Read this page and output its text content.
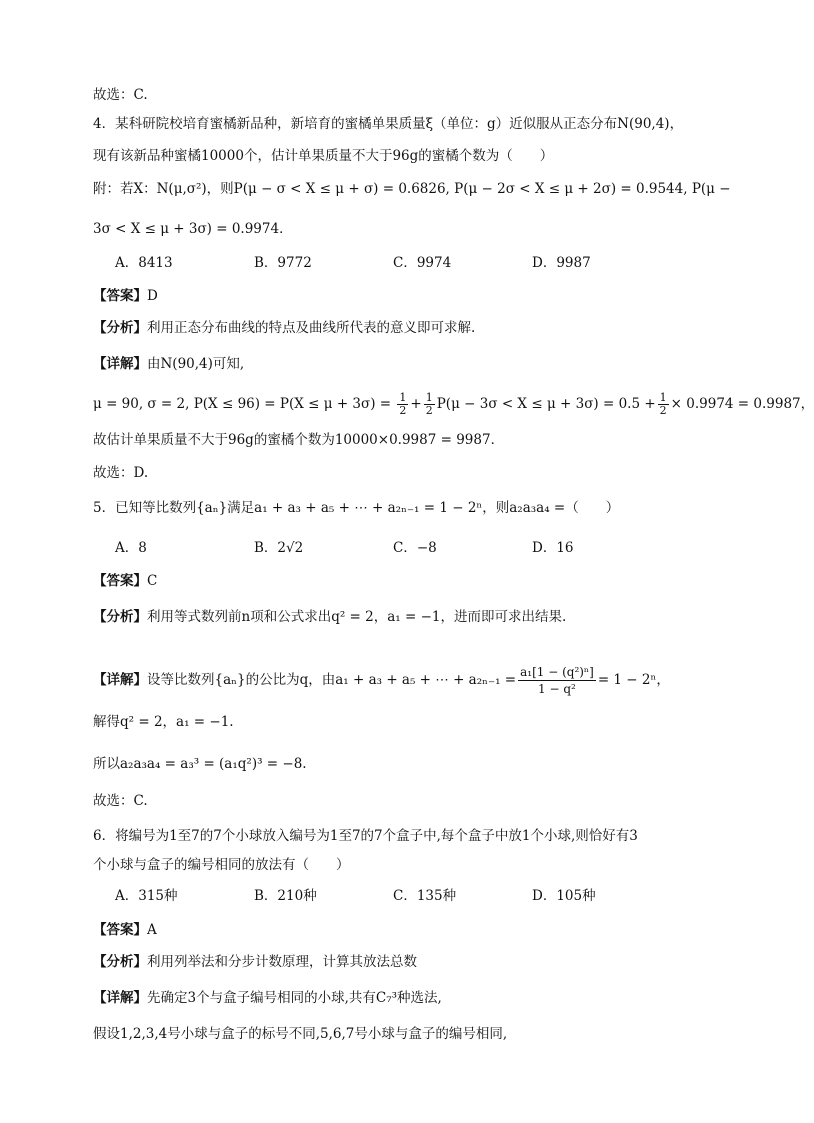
故选：C.
4．某科研院校培育蜜橘新品种，新培育的蜜橘单果质量ξ（单位：g）近似服从正态分布N(90,4)，
现有该新品种蜜橘10000个，估计单果质量不大于96g的蜜橘个数为（　　）
附：若X：N(μ,σ²)，则P(μ − σ < X ≤ μ + σ) = 0.6826, P(μ − 2σ < X ≤ μ + 2σ) = 0.9544, P(μ −
3σ < X ≤ μ + 3σ) = 0.9974．
A．8413	B．9772	C．9974	D．9987
【答案】D
【分析】利用正态分布曲线的特点及曲线所代表的意义即可求解.
【详解】由N(90,4)可知,
μ = 90, σ = 2, $P(X \le 96) = P(X \le \mu + 3\sigma) = \frac{1}{2} + \frac{1}{2} P(\mu - 3\sigma < X \le \mu + 3\sigma) = 0.5 + \frac{1}{2} \times 0.9974 = 0.9987$，
故估计单果质量不大于96g的蜜橘个数为10000×0.9987 = 9987．
故选：D.
5．已知等比数列{aₙ}满足a₁ + a₃ + a₅ + ⋯ + a₂ₙ₋₁ = 1 − 2ⁿ，则a₂a₃a₄ =（　　）
A．8	B．2√2	C．−8	D．16
【答案】C
【分析】利用等式数列前n项和公式求出q² = 2，a₁ = −1，进而即可求出结果.
【详解】设等比数列{aₙ}的公比为q，由a₁ + a₃ + a₅ + ⋯ + $a_{2n-1} = \frac{\text{a₁[1 − (q²)ⁿ]}}{\text{1 − q²}} = 1 - 2^n$，
解得q² = 2，a₁ = −1.
所以a₂a₃a₄ = a₃³ = (a₁q²)³ = −8.
故选：C.
6．将编号为1至7的7个小球放入编号为1至7的7个盒子中,每个盒子中放1个小球,则恰好有3
个小球与盒子的编号相同的放法有（　　）
A．315种	B．210种	C．135种	D．105种
【答案】A
【分析】利用列举法和分步计数原理，计算其放法总数
【详解】先确定3个与盒子编号相同的小球,共有C₇³种选法,
假设1,2,3,4号小球与盒子的标号不同,5,6,7号小球与盒子的编号相同,
